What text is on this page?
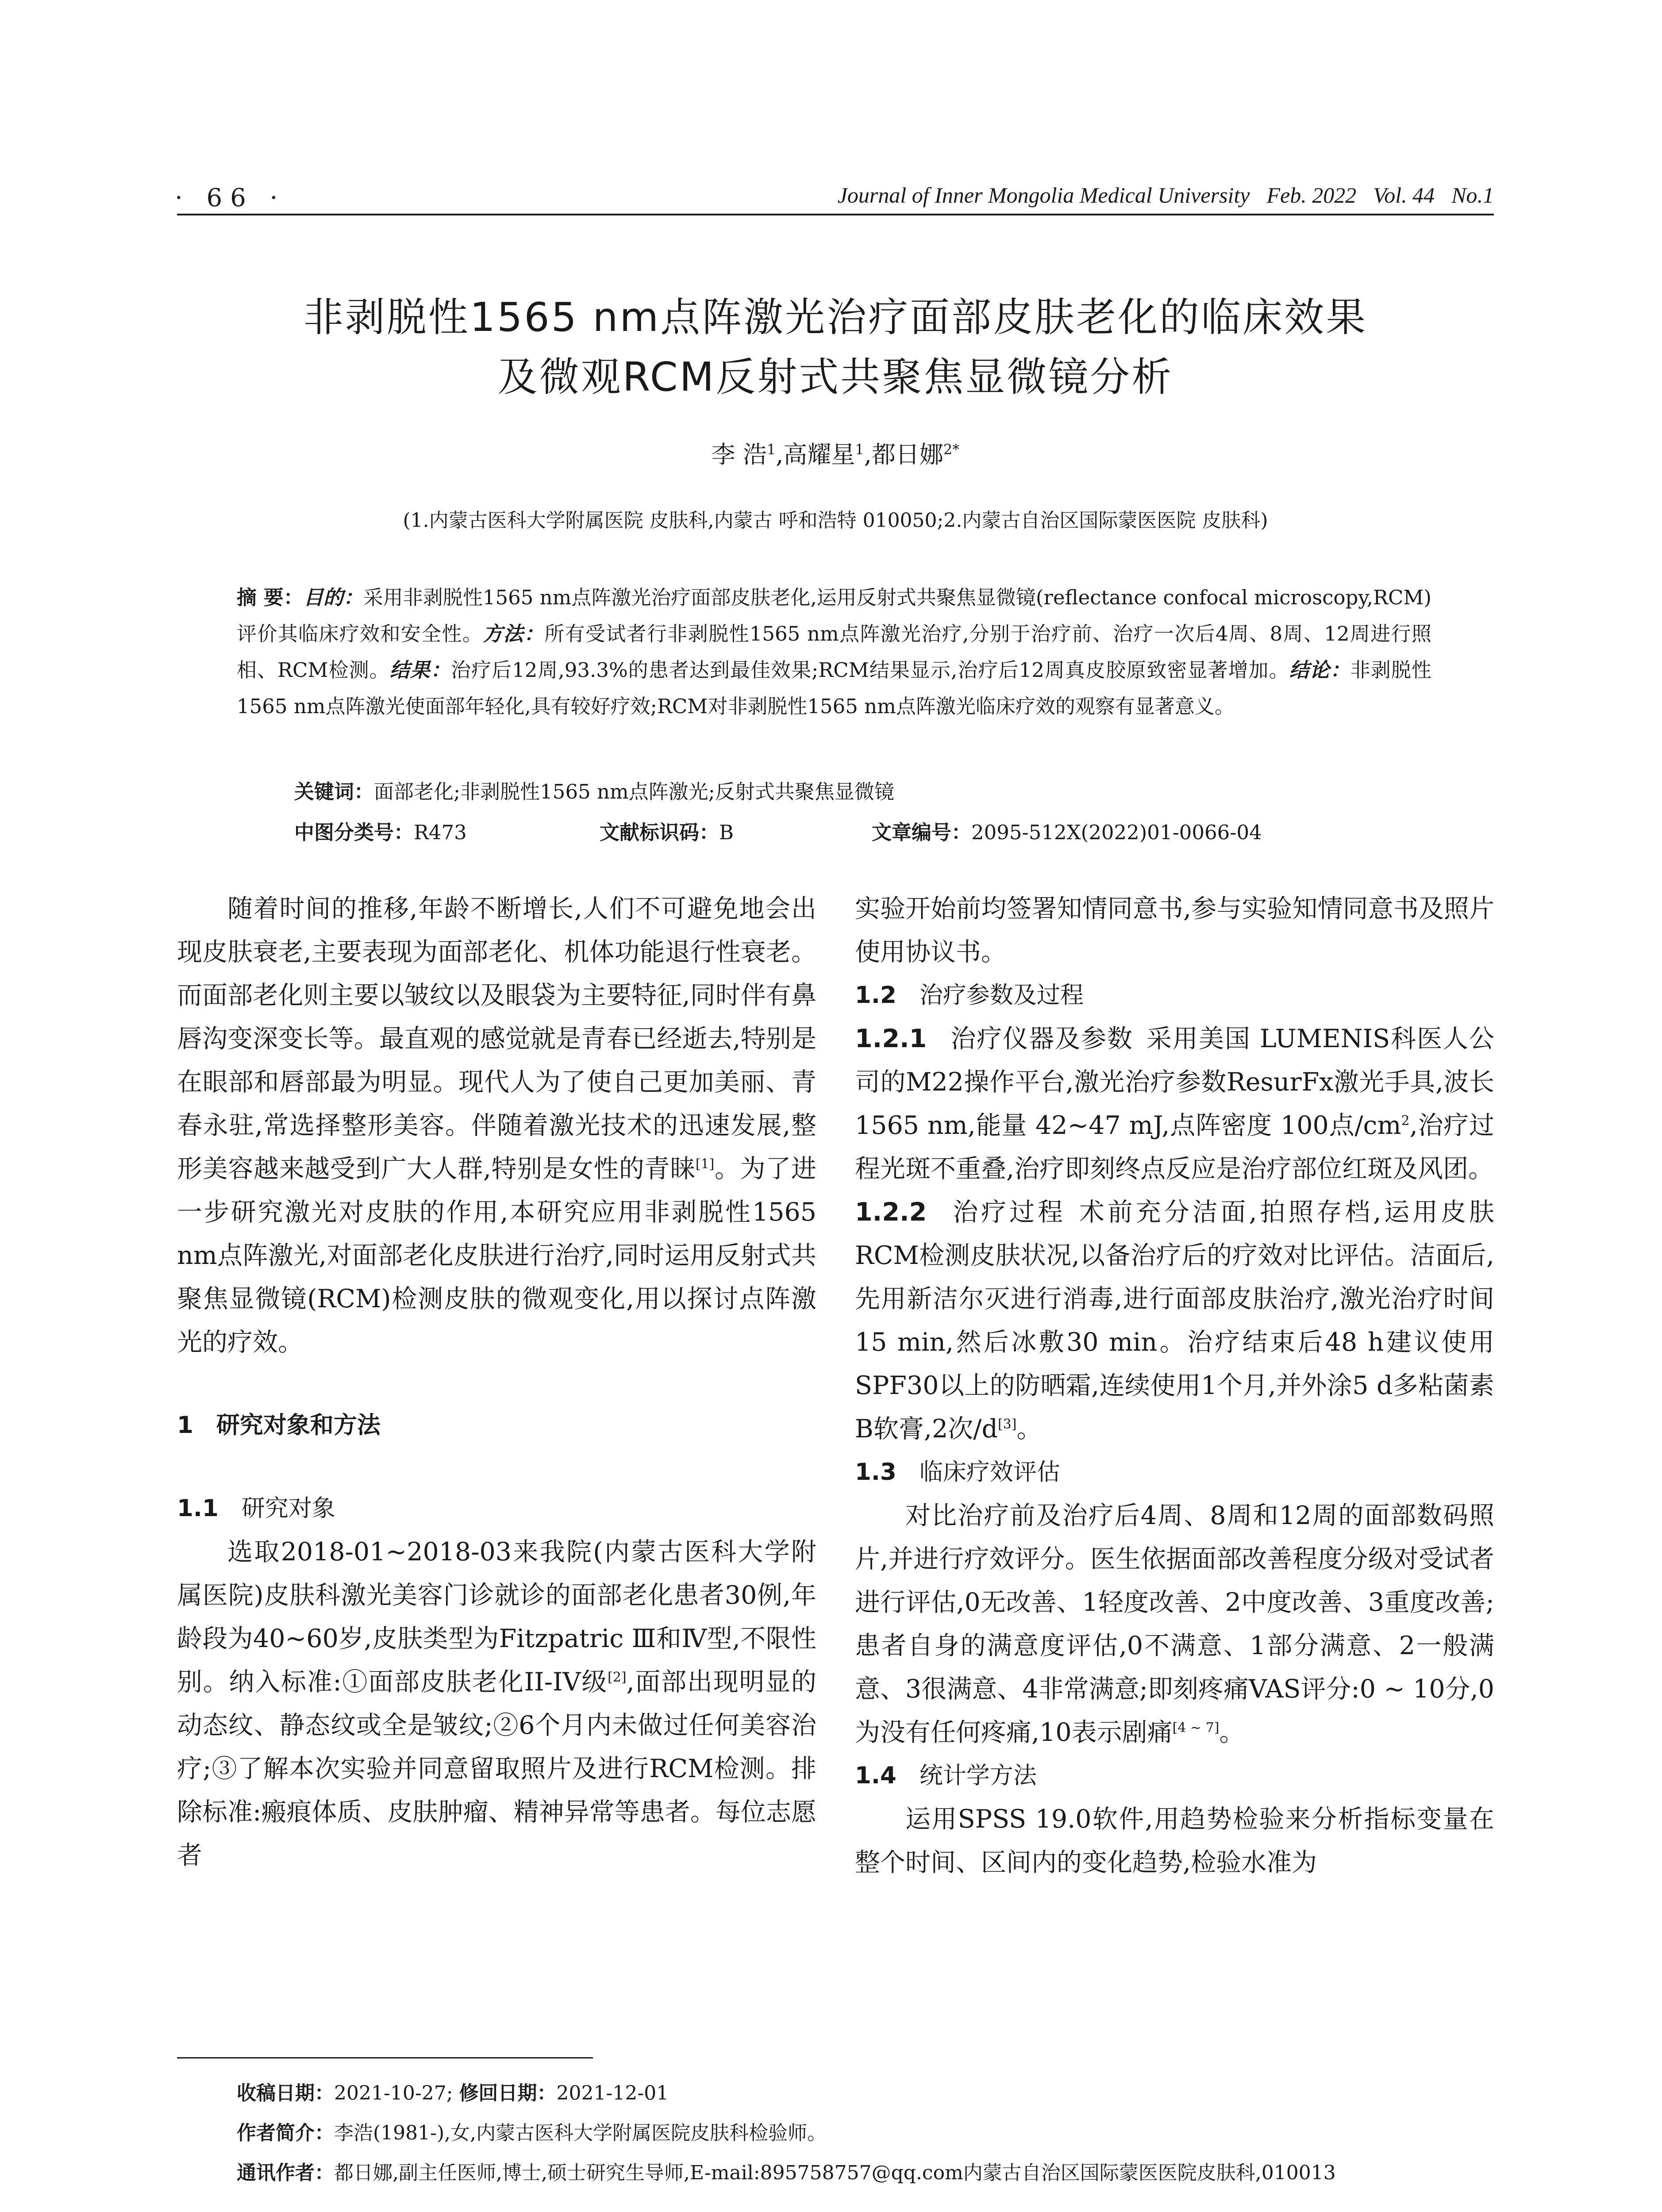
· 66 ·	Journal of Inner Mongolia Medical University Feb. 2022 Vol. 44 No.1
非剥脱性1565 nm点阵激光治疗面部皮肤老化的临床效果
及微观RCM反射式共聚焦显微镜分析
李 浩$^1$,高耀星$^1$,都日娜$^{2*}$
(1.内蒙古医科大学附属医院 皮肤科,内蒙古 呼和浩特 010050;2.内蒙古自治区国际蒙医医院 皮肤科)
摘 要：目的：采用非剥脱性1565 nm点阵激光治疗面部皮肤老化,运用反射式共聚焦显微镜(reflectance confocal microscopy,RCM)评价其临床疗效和安全性。方法：所有受试者行非剥脱性1565 nm点阵激光治疗,分别于治疗前、治疗一次后4周、8周、12周进行照相、RCM检测。结果：治疗后12周,93.3%的患者达到最佳效果;RCM结果显示,治疗后12周真皮胶原致密显著增加。结论：非剥脱性1565 nm点阵激光使面部年轻化,具有较好疗效;RCM对非剥脱性1565 nm点阵激光临床疗效的观察有显著意义。
关键词：面部老化;非剥脱性1565 nm点阵激光;反射式共聚焦显微镜
中图分类号：R473	文献标识码：B	文章编号：2095-512X(2022)01-0066-04

随着时间的推移,年龄不断增长,人们不可避免地会出现皮肤衰老,主要表现为面部老化、机体功能退行性衰老。而面部老化则主要以皱纹以及眼袋为主要特征,同时伴有鼻唇沟变深变长等。最直观的感觉就是青春已经逝去,特别是在眼部和唇部最为明显。现代人为了使自己更加美丽、青春永驻,常选择整形美容。伴随着激光技术的迅速发展,整形美容越来越受到广大人群,特别是女性的青睐[1]。为了进一步研究激光对皮肤的作用,本研究应用非剥脱性1565 nm点阵激光,对面部老化皮肤进行治疗,同时运用反射式共聚焦显微镜(RCM)检测皮肤的微观变化,用以探讨点阵激光的疗效。

1 研究对象和方法
1.1 研究对象

选取2018-01~2018-03来我院(内蒙古医科大学附属医院)皮肤科激光美容门诊就诊的面部老化患者30例,年龄段为40~60岁,皮肤类型为Fitzpatric Ⅲ和Ⅳ型,不限性别。纳入标准:①面部皮肤老化II-IV级[2],面部出现明显的动态纹、静态纹或全是皱纹;②6个月内未做过任何美容治疗;③了解本次实验并同意留取照片及进行RCM检测。排除标准:瘢痕体质、皮肤肿瘤、精神异常等患者。每位志愿者

实验开始前均签署知情同意书,参与实验知情同意书及照片使用协议书。

1.2 治疗参数及过程

1.2.1 治疗仪器及参数 采用美国 LUMENIS科医人公司的M22操作平台,激光治疗参数ResurFx激光手具,波长 1565 nm,能量 42~47 mJ,点阵密度 100点$/cm^2$,治疗过程光斑不重叠,治疗即刻终点反应是治疗部位红斑及风团。

1.2.2 治疗过程 术前充分洁面,拍照存档,运用皮肤RCM检测皮肤状况,以备治疗后的疗效对比评估。洁面后,先用新洁尔灭进行消毒,进行面部皮肤治疗,激光治疗时间15 min,然后冰敷30 min。治疗结束后48 h建议使用SPF30以上的防晒霜,连续使用1个月,并外涂5 d多粘菌素B软膏,2次/d[3]。

1.3 临床疗效评估

对比治疗前及治疗后4周、8周和12周的面部数码照片,并进行疗效评分。医生依据面部改善程度分级对受试者进行评估,0无改善、1轻度改善、2中度改善、3重度改善;患者自身的满意度评估,0不满意、1部分满意、2一般满意、3很满意、4非常满意;即刻疼痛VAS评分:0 ~ 10分,0为没有任何疼痛,10表示剧痛[4 ~ 7]。

1.4 统计学方法

运用SPSS 19.0软件,用趋势检验来分析指标变量在整个时间、区间内的变化趋势,检验水准为

收稿日期：2021-10-27; 修回日期：2021-12-01
作者简介：李浩(1981-),女,内蒙古医科大学附属医院皮肤科检验师。
通讯作者：都日娜,副主任医师,博士,硕士研究生导师,E-mail:895758757@qq.com内蒙古自治区国际蒙医医院皮肤科,010013
